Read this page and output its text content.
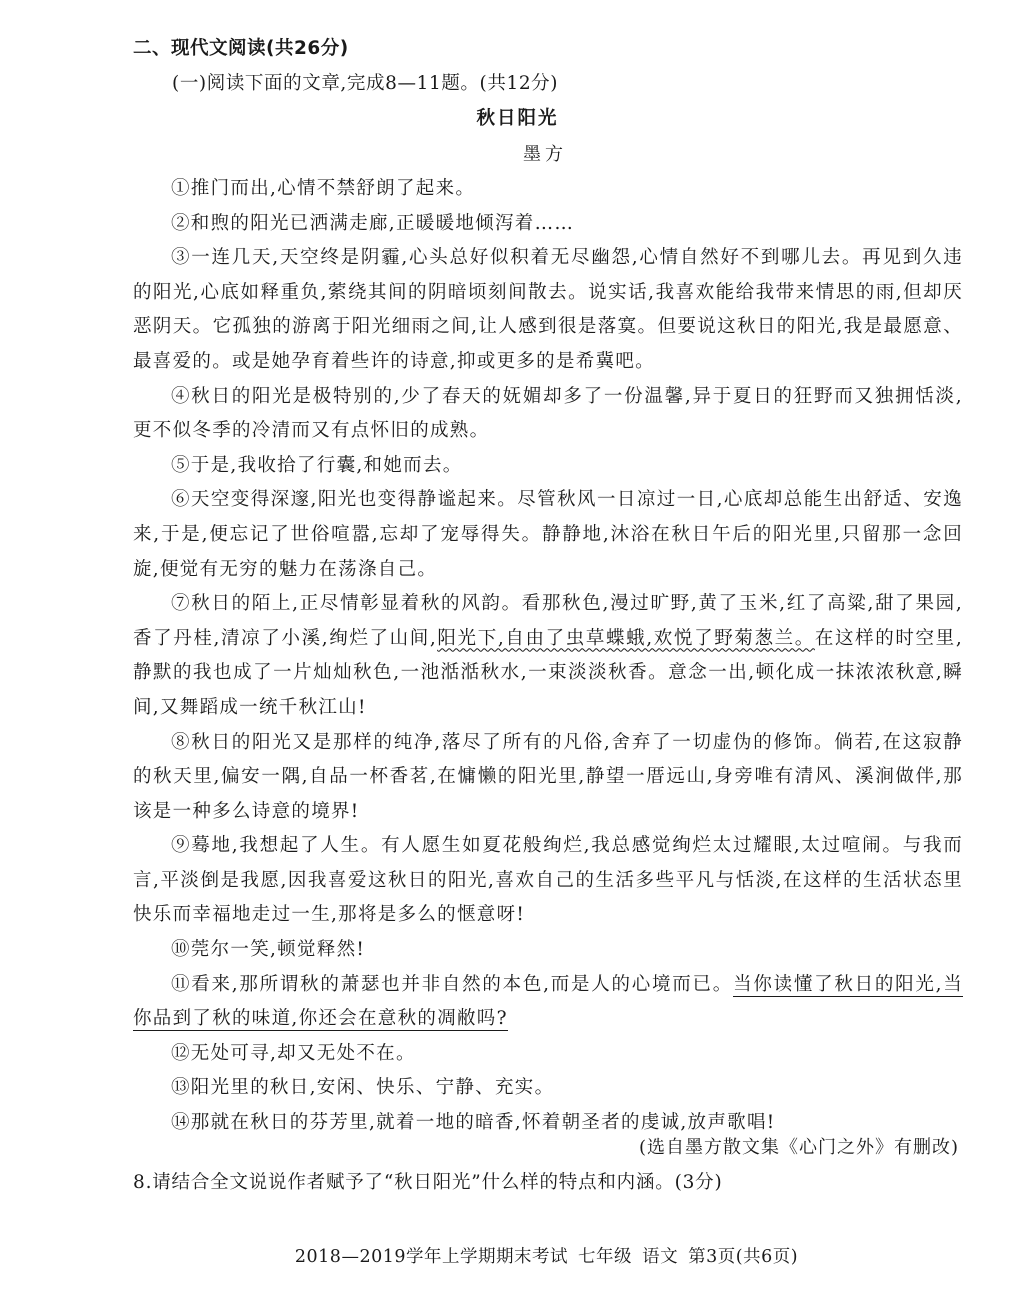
二、现代文阅读(共26分)
(一)阅读下面的文章,完成8—11题。(共12分)
秋日阳光
墨方

①推门而出,心情不禁舒朗了起来。

②和煦的阳光已洒满走廊,正暖暖地倾泻着……

③一连几天,天空终是阴霾,心头总好似积着无尽幽怨,心情自然好不到哪儿去。再见到久违的阳光,心底如释重负,萦绕其间的阴暗顷刻间散去。说实话,我喜欢能给我带来情思的雨,但却厌恶阴天。它孤独的游离于阳光细雨之间,让人感到很是落寞。但要说这秋日的阳光,我是最愿意、最喜爱的。或是她孕育着些许的诗意,抑或更多的是希冀吧。

④秋日的阳光是极特别的,少了春天的妩媚却多了一份温馨,异于夏日的狂野而又独拥恬淡,更不似冬季的冷清而又有点怀旧的成熟。

⑤于是,我收拾了行囊,和她而去。

⑥天空变得深邃,阳光也变得静谧起来。尽管秋风一日凉过一日,心底却总能生出舒适、安逸来,于是,便忘记了世俗喧嚣,忘却了宠辱得失。静静地,沐浴在秋日午后的阳光里,只留那一念回旋,便觉有无穷的魅力在荡涤自己。

⑦秋日的陌上,正尽情彰显着秋的风韵。看那秋色,漫过旷野,黄了玉米,红了高粱,甜了果园,香了丹桂,清凉了小溪,绚烂了山间,阳光下,自由了虫草蝶蛾,欢悦了野菊葱兰。在这样的时空里,静默的我也成了一片灿灿秋色,一池湉湉秋水,一束淡淡秋香。意念一出,顿化成一抹浓浓秋意,瞬间,又舞蹈成一统千秋江山!

⑧秋日的阳光又是那样的纯净,落尽了所有的凡俗,舍弃了一切虚伪的修饰。倘若,在这寂静的秋天里,偏安一隅,自品一杯香茗,在慵懒的阳光里,静望一厝远山,身旁唯有清风、溪涧做伴,那该是一种多么诗意的境界!

⑨蓦地,我想起了人生。有人愿生如夏花般绚烂,我总感觉绚烂太过耀眼,太过喧闹。与我而言,平淡倒是我愿,因我喜爱这秋日的阳光,喜欢自己的生活多些平凡与恬淡,在这样的生活状态里快乐而幸福地走过一生,那将是多么的惬意呀!

⑩莞尔一笑,顿觉释然!

⑪看来,那所谓秋的萧瑟也并非自然的本色,而是人的心境而已。当你读懂了秋日的阳光,当你品到了秋的味道,你还会在意秋的凋敝吗?

⑫无处可寻,却又无处不在。

⑬阳光里的秋日,安闲、快乐、宁静、充实。

⑭那就在秋日的芬芳里,就着一地的暗香,怀着朝圣者的虔诚,放声歌唱!

(选自墨方散文集《心门之外》有删改)
8.请结合全文说说作者赋予了“秋日阳光”什么样的特点和内涵。(3分)
2018—2019学年上学期期末考试 七年级 语文 第3页(共6页)
